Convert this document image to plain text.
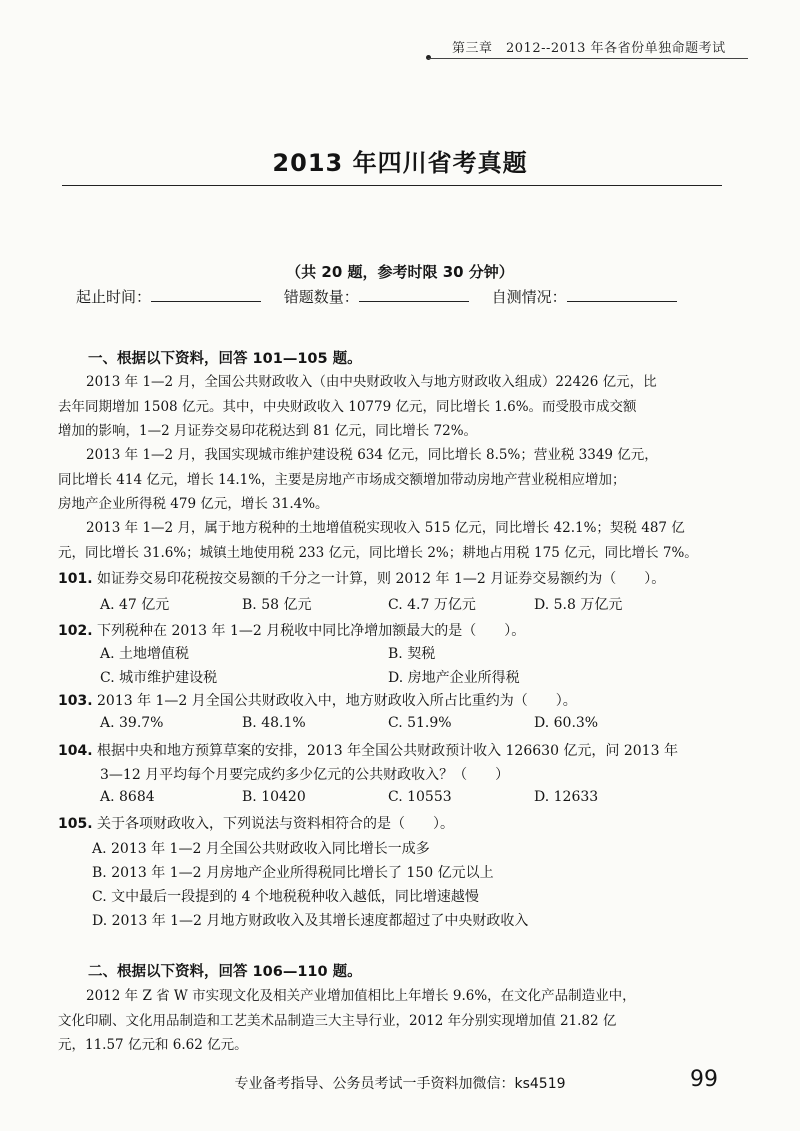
第三章　2012--2013 年各省份单独命题考试
2013 年四川省考真题
（共 20 题，参考时限 30 分钟）
起止时间：	错题数量：	自测情况：
一、根据以下资料，回答 101—105 题。

2013 年 1—2 月，全国公共财政收入（由中央财政收入与地方财政收入组成）22426 亿元，比

去年同期增加 1508 亿元。其中，中央财政收入 10779 亿元，同比增长 1.6%。而受股市成交额

增加的影响，1—2 月证券交易印花税达到 81 亿元，同比增长 72%。

2013 年 1—2 月，我国实现城市维护建设税 634 亿元，同比增长 8.5%；营业税 3349 亿元，

同比增长 414 亿元，增长 14.1%，主要是房地产市场成交额增加带动房地产营业税相应增加；

房地产企业所得税 479 亿元，增长 31.4%。

2013 年 1—2 月，属于地方税种的土地增值税实现收入 515 亿元，同比增长 42.1%；契税 487 亿

元，同比增长 31.6%；城镇土地使用税 233 亿元，同比增长 2%；耕地占用税 175 亿元，同比增长 7%。

101. 如证券交易印花税按交易额的千分之一计算，则 2012 年 1—2 月证券交易额约为（　　）。
A. 47 亿元	B. 58 亿元	C. 4.7 万亿元	D. 5.8 万亿元
102. 下列税种在 2013 年 1—2 月税收中同比净增加额最大的是（　　）。
A. 土地增值税	B. 契税
C. 城市维护建设税	D. 房地产企业所得税
103. 2013 年 1—2 月全国公共财政收入中，地方财政收入所占比重约为（　　）。
A. 39.7%	B. 48.1%	C. 51.9%	D. 60.3%
104. 根据中央和地方预算草案的安排，2013 年全国公共财政预计收入 126630 亿元，问 2013 年
3—12 月平均每个月要完成约多少亿元的公共财政收入？（　　）
A. 8684	B. 10420	C. 10553	D. 12633
105. 关于各项财政收入，下列说法与资料相符合的是（　　）。
A. 2013 年 1—2 月全国公共财政收入同比增长一成多
B. 2013 年 1—2 月房地产企业所得税同比增长了 150 亿元以上
C. 文中最后一段提到的 4 个地税税种收入越低，同比增速越慢
D. 2013 年 1—2 月地方财政收入及其增长速度都超过了中央财政收入
二、根据以下资料，回答 106—110 题。

2012 年 Z 省 W 市实现文化及相关产业增加值相比上年增长 9.6%，在文化产品制造业中，

文化印刷、文化用品制造和工艺美术品制造三大主导行业，2012 年分别实现增加值 21.82 亿

元，11.57 亿元和 6.62 亿元。

专业备考指导、公务员考试一手资料加微信：ks4519	99
